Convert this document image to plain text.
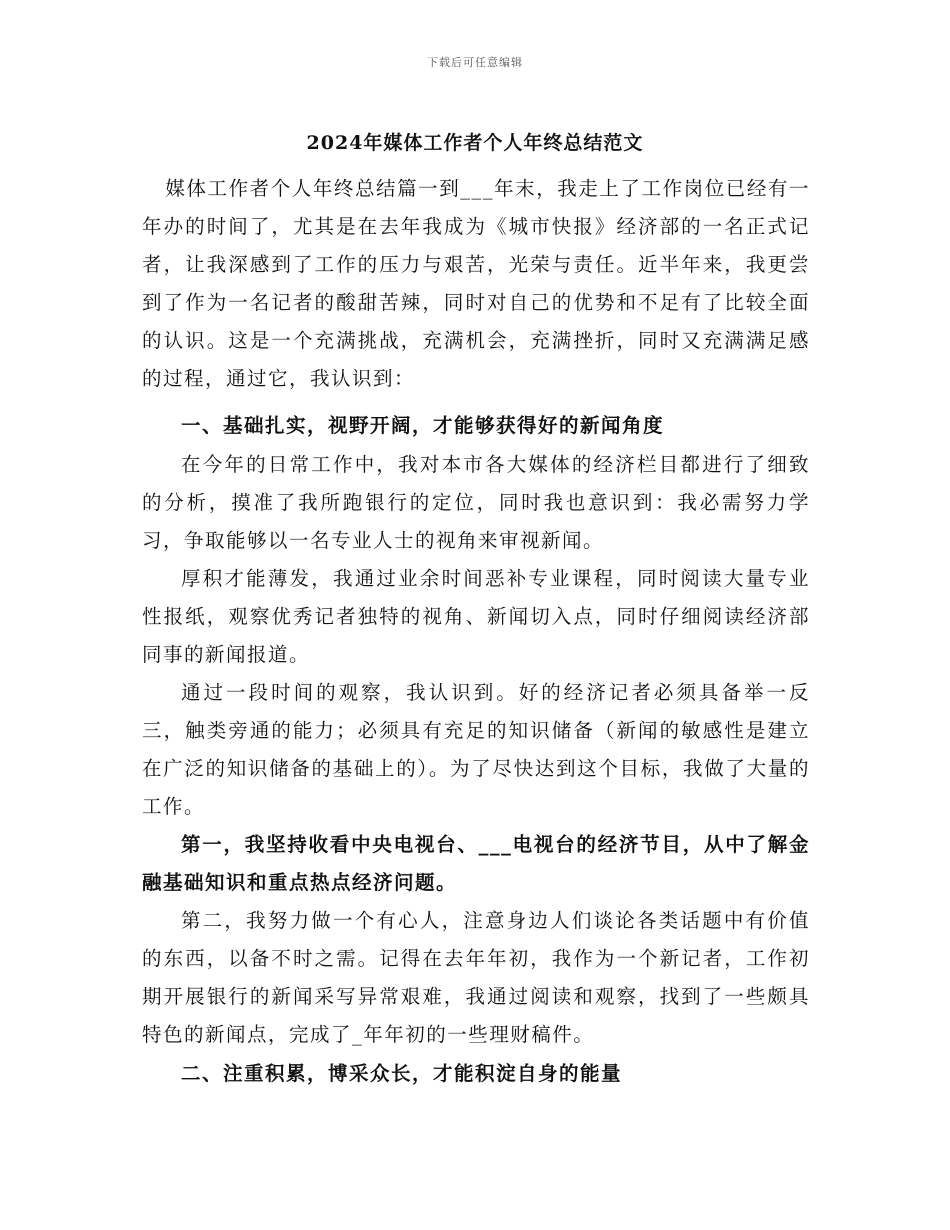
下载后可任意编辑
2024年媒体工作者个人年终总结范文

媒体工作者个人年终总结篇一到___年末，我走上了工作岗位已经有一年办的时间了，尤其是在去年我成为《城市快报》经济部的一名正式记者，让我深感到了工作的压力与艰苦，光荣与责任。近半年来，我更尝到了作为一名记者的酸甜苦辣，同时对自己的优势和不足有了比较全面的认识。这是一个充满挑战，充满机会，充满挫折，同时又充满满足感的过程，通过它，我认识到：

一、基础扎实，视野开阔，才能够获得好的新闻角度

在今年的日常工作中，我对本市各大媒体的经济栏目都进行了细致的分析，摸准了我所跑银行的定位，同时我也意识到：我必需努力学习，争取能够以一名专业人士的视角来审视新闻。

厚积才能薄发，我通过业余时间恶补专业课程，同时阅读大量专业性报纸，观察优秀记者独特的视角、新闻切入点，同时仔细阅读经济部同事的新闻报道。

通过一段时间的观察，我认识到。好的经济记者必须具备举一反三，触类旁通的能力；必须具有充足的知识储备（新闻的敏感性是建立在广泛的知识储备的基础上的）。为了尽快达到这个目标，我做了大量的工作。

第一，我坚持收看中央电视台、___电视台的经济节目，从中了解金融基础知识和重点热点经济问题。

第二，我努力做一个有心人，注意身边人们谈论各类话题中有价值的东西，以备不时之需。记得在去年年初，我作为一个新记者，工作初期开展银行的新闻采写异常艰难，我通过阅读和观察，找到了一些颇具特色的新闻点，完成了_年年初的一些理财稿件。

二、注重积累，博采众长，才能积淀自身的能量
